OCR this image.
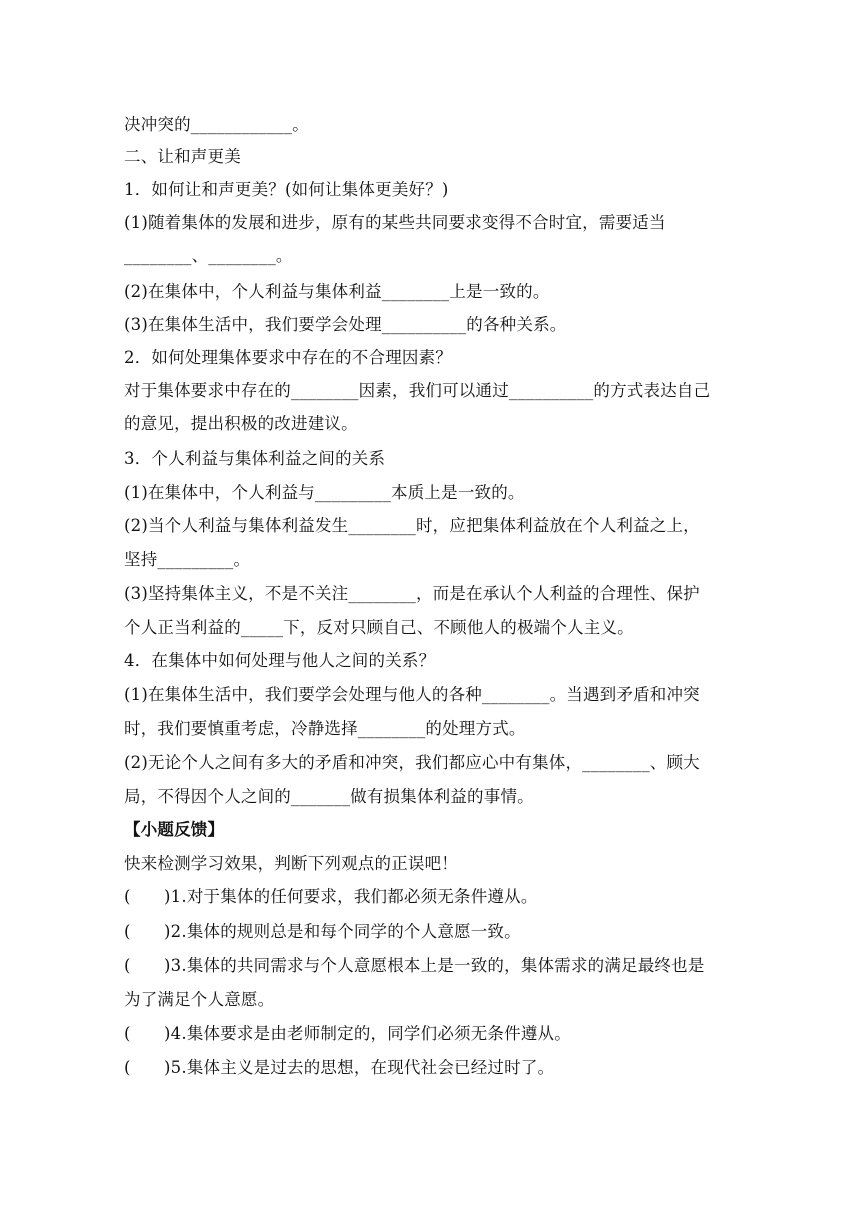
决冲突的____________。
二、让和声更美
1．如何让和声更美？(如何让集体更美好？)
(1)随着集体的发展和进步，原有的某些共同要求变得不合时宜，需要适当
________、________。
(2)在集体中，个人利益与集体利益________上是一致的。
(3)在集体生活中，我们要学会处理__________的各种关系。
2．如何处理集体要求中存在的不合理因素？
对于集体要求中存在的________因素，我们可以通过__________的方式表达自己
的意见，提出积极的改进建议。
3．个人利益与集体利益之间的关系
(1)在集体中，个人利益与_________本质上是一致的。
(2)当个人利益与集体利益发生________时，应把集体利益放在个人利益之上，
坚持_________。
(3)坚持集体主义，不是不关注________，而是在承认个人利益的合理性、保护
个人正当利益的_____下，反对只顾自己、不顾他人的极端个人主义。
4．在集体中如何处理与他人之间的关系？
(1)在集体生活中，我们要学会处理与他人的各种________。当遇到矛盾和冲突
时，我们要慎重考虑，冷静选择________的处理方式。
(2)无论个人之间有多大的矛盾和冲突，我们都应心中有集体，________、顾大
局，不得因个人之间的_______做有损集体利益的事情。
【小题反馈】
快来检测学习效果，判断下列观点的正误吧！
(　　)1.对于集体的任何要求，我们都必须无条件遵从。
(　　)2.集体的规则总是和每个同学的个人意愿一致。
(　　)3.集体的共同需求与个人意愿根本上是一致的，集体需求的满足最终也是
为了满足个人意愿。
(　　)4.集体要求是由老师制定的，同学们必须无条件遵从。
(　　)5.集体主义是过去的思想，在现代社会已经过时了。
